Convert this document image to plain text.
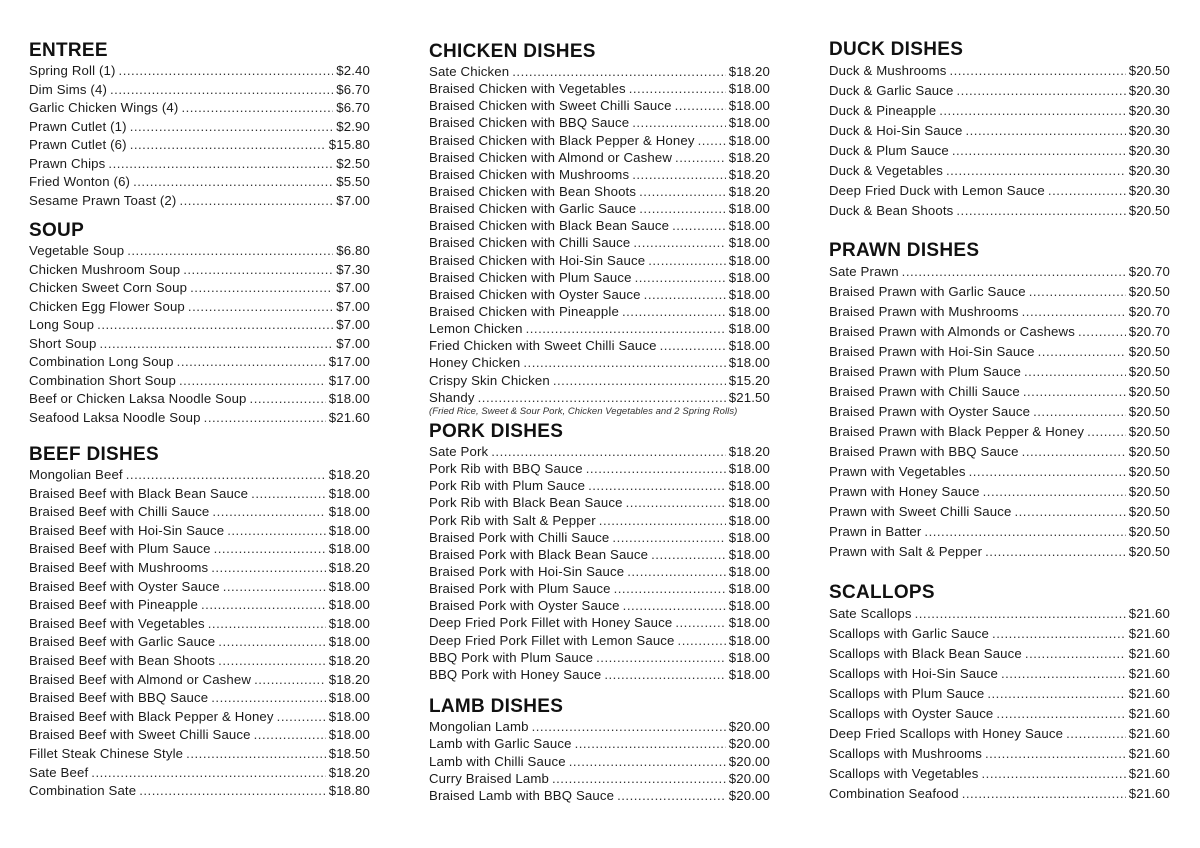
ENTREE
Spring Roll (1) .....	$2.40
Dim Sims (4) .....	$6.70
Garlic Chicken Wings (4) .....	$6.70
Prawn Cutlet (1) .....	$2.90
Prawn Cutlet (6) .....	$15.80
Prawn Chips .....	$2.50
Fried Wonton (6) .....	$5.50
Sesame Prawn Toast (2) .....	$7.00
SOUP
Vegetable Soup .....	$6.80
Chicken Mushroom Soup .....	$7.30
Chicken Sweet Corn Soup .....	$7.00
Chicken Egg Flower Soup .....	$7.00
Long Soup .....	$7.00
Short Soup .....	$7.00
Combination Long Soup .....	$17.00
Combination Short Soup .....	$17.00
Beef or Chicken Laksa Noodle Soup .....	$18.00
Seafood Laksa Noodle Soup .....	$21.60
BEEF DISHES
Mongolian Beef .....	$18.20
Braised Beef with Black Bean Sauce .....	$18.00
Braised Beef with Chilli Sauce .....	$18.00
Braised Beef with Hoi-Sin Sauce .....	$18.00
Braised Beef with Plum Sauce .....	$18.00
Braised Beef with Mushrooms .....	$18.20
Braised Beef with Oyster Sauce .....	$18.00
Braised Beef with Pineapple .....	$18.00
Braised Beef with Vegetables .....	$18.00
Braised Beef with Garlic Sauce .....	$18.00
Braised Beef with Bean Shoots .....	$18.20
Braised Beef with Almond or Cashew .....	$18.20
Braised Beef with BBQ Sauce .....	$18.00
Braised Beef with Black Pepper & Honey .....	$18.00
Braised Beef with Sweet Chilli Sauce .....	$18.00
Fillet Steak Chinese Style .....	$18.50
Sate Beef .....	$18.20
Combination Sate .....	$18.80
CHICKEN DISHES
Sate Chicken .....	$18.20
Braised Chicken with Vegetables .....	$18.00
Braised Chicken with Sweet Chilli Sauce .....	$18.00
Braised Chicken with BBQ Sauce .....	$18.00
Braised Chicken with Black Pepper & Honey .....	$18.00
Braised Chicken with Almond or Cashew .....	$18.20
Braised Chicken with Mushrooms .....	$18.20
Braised Chicken with Bean Shoots .....	$18.20
Braised Chicken with Garlic Sauce .....	$18.00
Braised Chicken with Black Bean Sauce .....	$18.00
Braised Chicken with Chilli Sauce .....	$18.00
Braised Chicken with Hoi-Sin Sauce .....	$18.00
Braised Chicken with Plum Sauce .....	$18.00
Braised Chicken with Oyster Sauce .....	$18.00
Braised Chicken with Pineapple .....	$18.00
Lemon Chicken .....	$18.00
Fried Chicken with Sweet Chilli Sauce .....	$18.00
Honey Chicken .....	$18.00
Crispy Skin Chicken .....	$15.20
Shandy .....	$21.50
(Fried Rice, Sweet & Sour Pork, Chicken Vegetables and 2 Spring Rolls)
PORK DISHES
Sate Pork .....	$18.20
Pork Rib with BBQ Sauce .....	$18.00
Pork Rib with Plum Sauce .....	$18.00
Pork Rib with Black Bean Sauce .....	$18.00
Pork Rib with Salt & Pepper .....	$18.00
Braised Pork with Chilli Sauce .....	$18.00
Braised Pork with Black Bean Sauce .....	$18.00
Braised Pork with Hoi-Sin Sauce .....	$18.00
Braised Pork with Plum Sauce .....	$18.00
Braised Pork with Oyster Sauce .....	$18.00
Deep Fried Pork Fillet with Honey Sauce .....	$18.00
Deep Fried Pork Fillet with Lemon Sauce .....	$18.00
BBQ Pork with Plum Sauce .....	$18.00
BBQ Pork with Honey Sauce .....	$18.00
LAMB DISHES
Mongolian Lamb .....	$20.00
Lamb with Garlic Sauce .....	$20.00
Lamb with Chilli Sauce .....	$20.00
Curry Braised Lamb .....	$20.00
Braised Lamb with BBQ Sauce .....	$20.00
DUCK DISHES
Duck & Mushrooms .....	$20.50
Duck & Garlic Sauce .....	$20.30
Duck & Pineapple .....	$20.30
Duck & Hoi-Sin Sauce .....	$20.30
Duck & Plum Sauce .....	$20.30
Duck & Vegetables .....	$20.30
Deep Fried Duck with Lemon Sauce .....	$20.30
Duck & Bean Shoots .....	$20.50
PRAWN DISHES
Sate Prawn .....	$20.70
Braised Prawn with Garlic Sauce .....	$20.50
Braised Prawn with Mushrooms .....	$20.70
Braised Prawn with Almonds or Cashews .....	$20.70
Braised Prawn with Hoi-Sin Sauce .....	$20.50
Braised Prawn with Plum Sauce .....	$20.50
Braised Prawn with Chilli Sauce .....	$20.50
Braised Prawn with Oyster Sauce .....	$20.50
Braised Prawn with Black Pepper & Honey .....	$20.50
Braised Prawn with BBQ Sauce .....	$20.50
Prawn with Vegetables .....	$20.50
Prawn with Honey Sauce .....	$20.50
Prawn with Sweet Chilli Sauce .....	$20.50
Prawn in Batter .....	$20.50
Prawn with Salt & Pepper .....	$20.50
SCALLOPS
Sate Scallops .....	$21.60
Scallops with Garlic Sauce .....	$21.60
Scallops with Black Bean Sauce .....	$21.60
Scallops with Hoi-Sin Sauce .....	$21.60
Scallops with Plum Sauce .....	$21.60
Scallops with Oyster Sauce .....	$21.60
Deep Fried Scallops with Honey Sauce .....	$21.60
Scallops with Mushrooms .....	$21.60
Scallops with Vegetables .....	$21.60
Combination Seafood .....	$21.60
